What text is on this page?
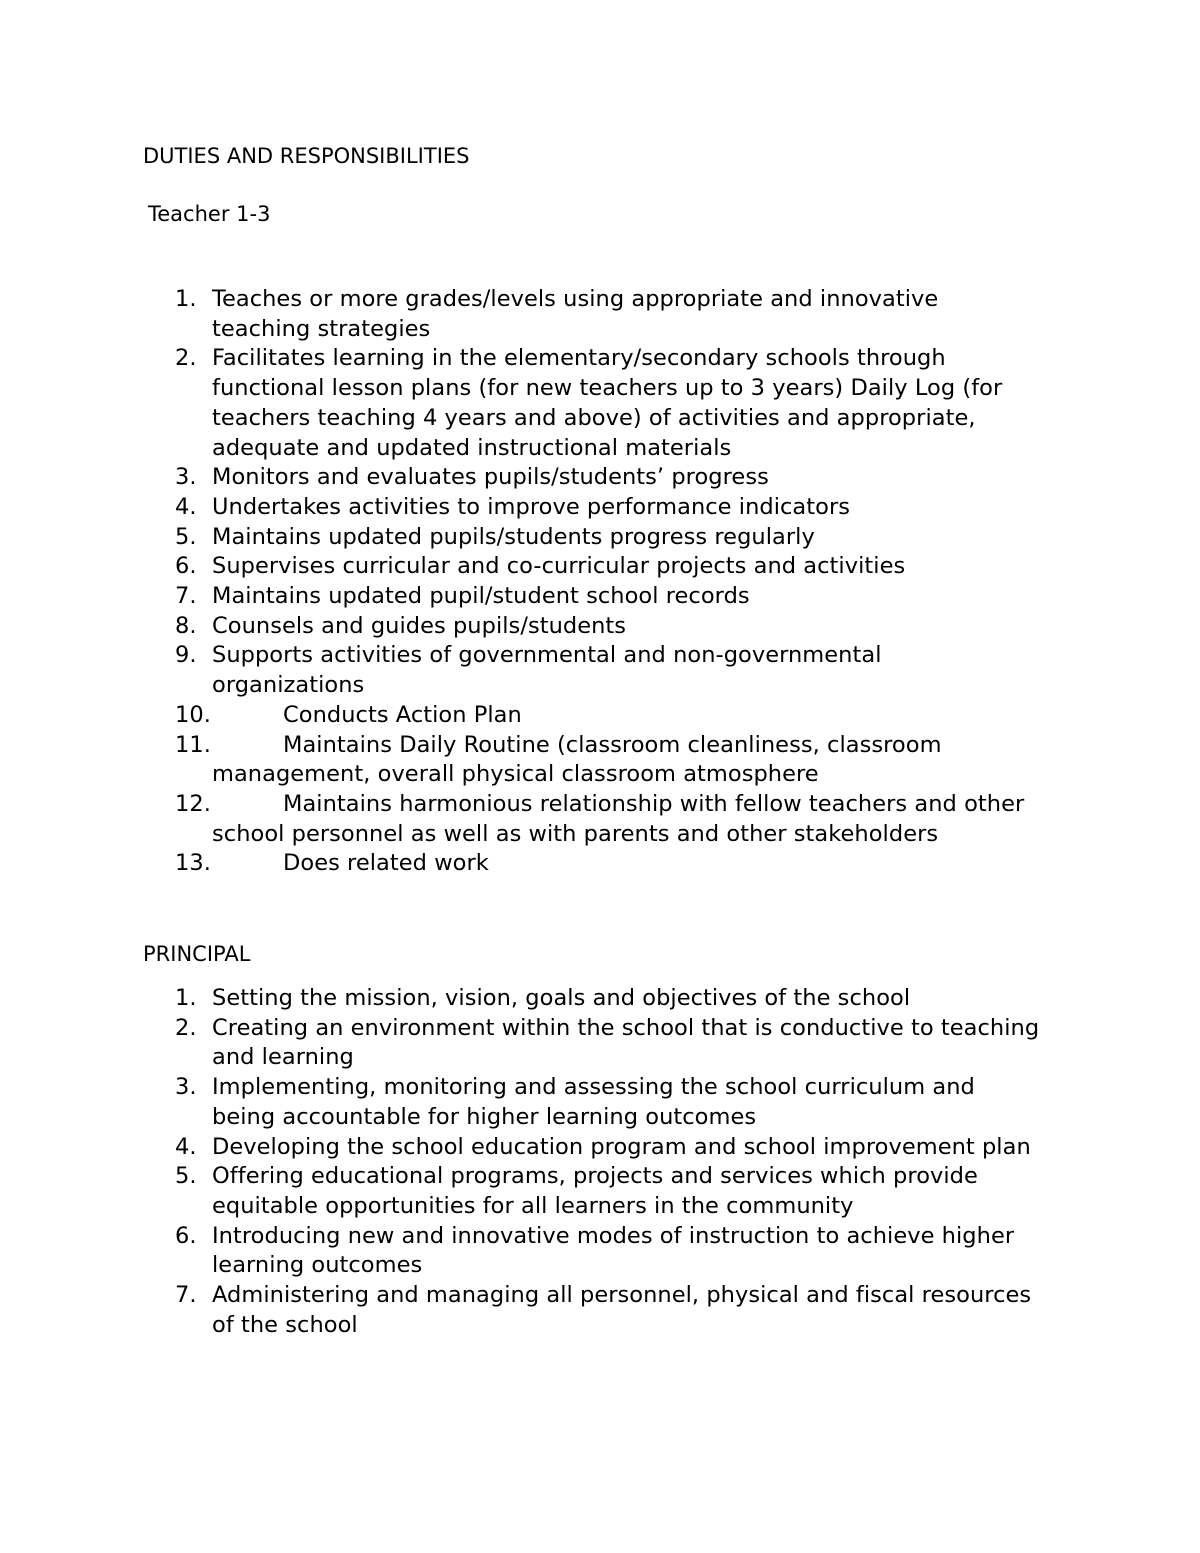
DUTIES AND RESPONSIBILITIES
Teacher 1-3
1. Teaches or more grades/levels using appropriate and innovative teaching strategies
2. Facilitates learning in the elementary/secondary schools through functional lesson plans (for new teachers up to 3 years) Daily Log (for teachers teaching 4 years and above) of activities and appropriate, adequate and updated instructional materials
3. Monitors and evaluates pupils/students’ progress
4. Undertakes activities to improve performance indicators
5. Maintains updated pupils/students progress regularly
6. Supervises curricular and co-curricular projects and activities
7. Maintains updated pupil/student school records
8. Counsels and guides pupils/students
9. Supports activities of governmental and non-governmental organizations
10.	Conducts Action Plan
11.	Maintains Daily Routine (classroom cleanliness, classroom management, overall physical classroom atmosphere
12.	Maintains harmonious relationship with fellow teachers and other school personnel as well as with parents and other stakeholders
13.	Does related work
PRINCIPAL
1. Setting the mission, vision, goals and objectives of the school
2. Creating an environment within the school that is conductive to teaching and learning
3. Implementing, monitoring and assessing the school curriculum and being accountable for higher learning outcomes
4. Developing the school education program and school improvement plan
5. Offering educational programs, projects and services which provide equitable opportunities for all learners in the community
6. Introducing new and innovative modes of instruction to achieve higher learning outcomes
7. Administering and managing all personnel, physical and fiscal resources of the school
